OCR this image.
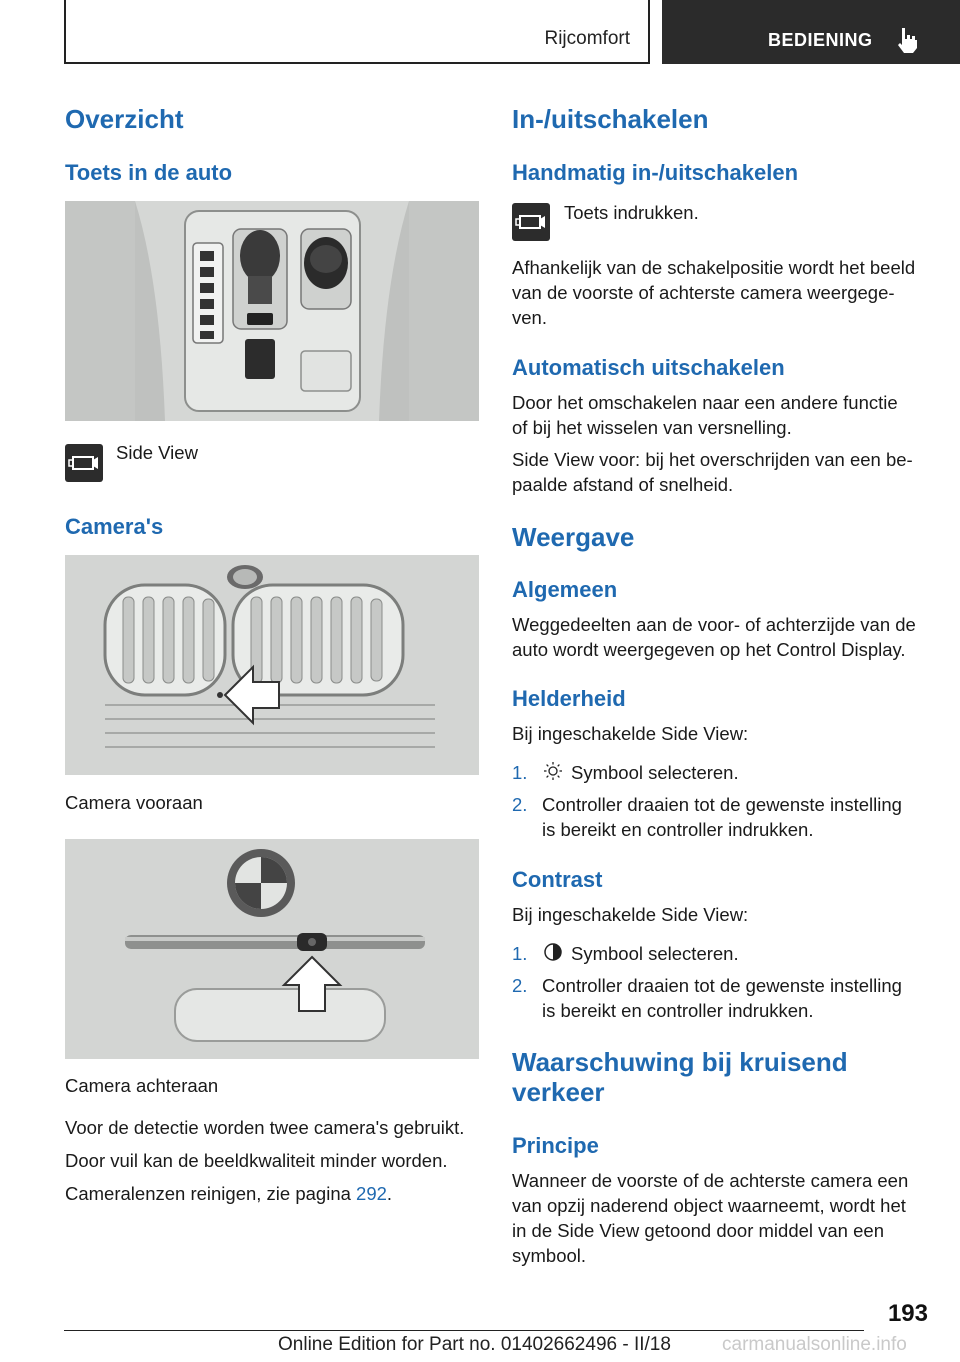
Rijcomfort	BEDIENING
Overzicht
Toets in de auto
Side View
Camera's
Camera vooraan
Camera achteraan
Voor de detectie worden twee camera's gebruikt.
Door vuil kan de beeldkwaliteit minder worden.
Cameralenzen reinigen, zie pagina 292.
In-/uitschakelen
Handmatig in-/uitschakelen
Toets indrukken.
Afhankelijk van de schakelpositie wordt het beeld
van de voorste of achterste camera weergege-
ven.
Automatisch uitschakelen
Door het omschakelen naar een andere functie
of bij het wisselen van versnelling.
Side View voor: bij het overschrijden van een be-
paalde afstand of snelheid.
Weergave
Algemeen
Weggedeelten aan de voor- of achterzijde van de
auto wordt weergegeven op het Control Display.
Helderheid
Bij ingeschakelde Side View:
1. Symbool selecteren.
2. Controller draaien tot de gewenste instelling
is bereikt en controller indrukken.
Contrast
Bij ingeschakelde Side View:
1. Symbool selecteren.
2. Controller draaien tot de gewenste instelling
is bereikt en controller indrukken.
Waarschuwing bij kruisend
verkeer
Principe
Wanneer de voorste of de achterste camera een
van opzij naderend object waarneemt, wordt het
in de Side View getoond door middel van een
symbool.
193
Online Edition for Part no. 01402662496 - II/18	carmanualsonline.info
